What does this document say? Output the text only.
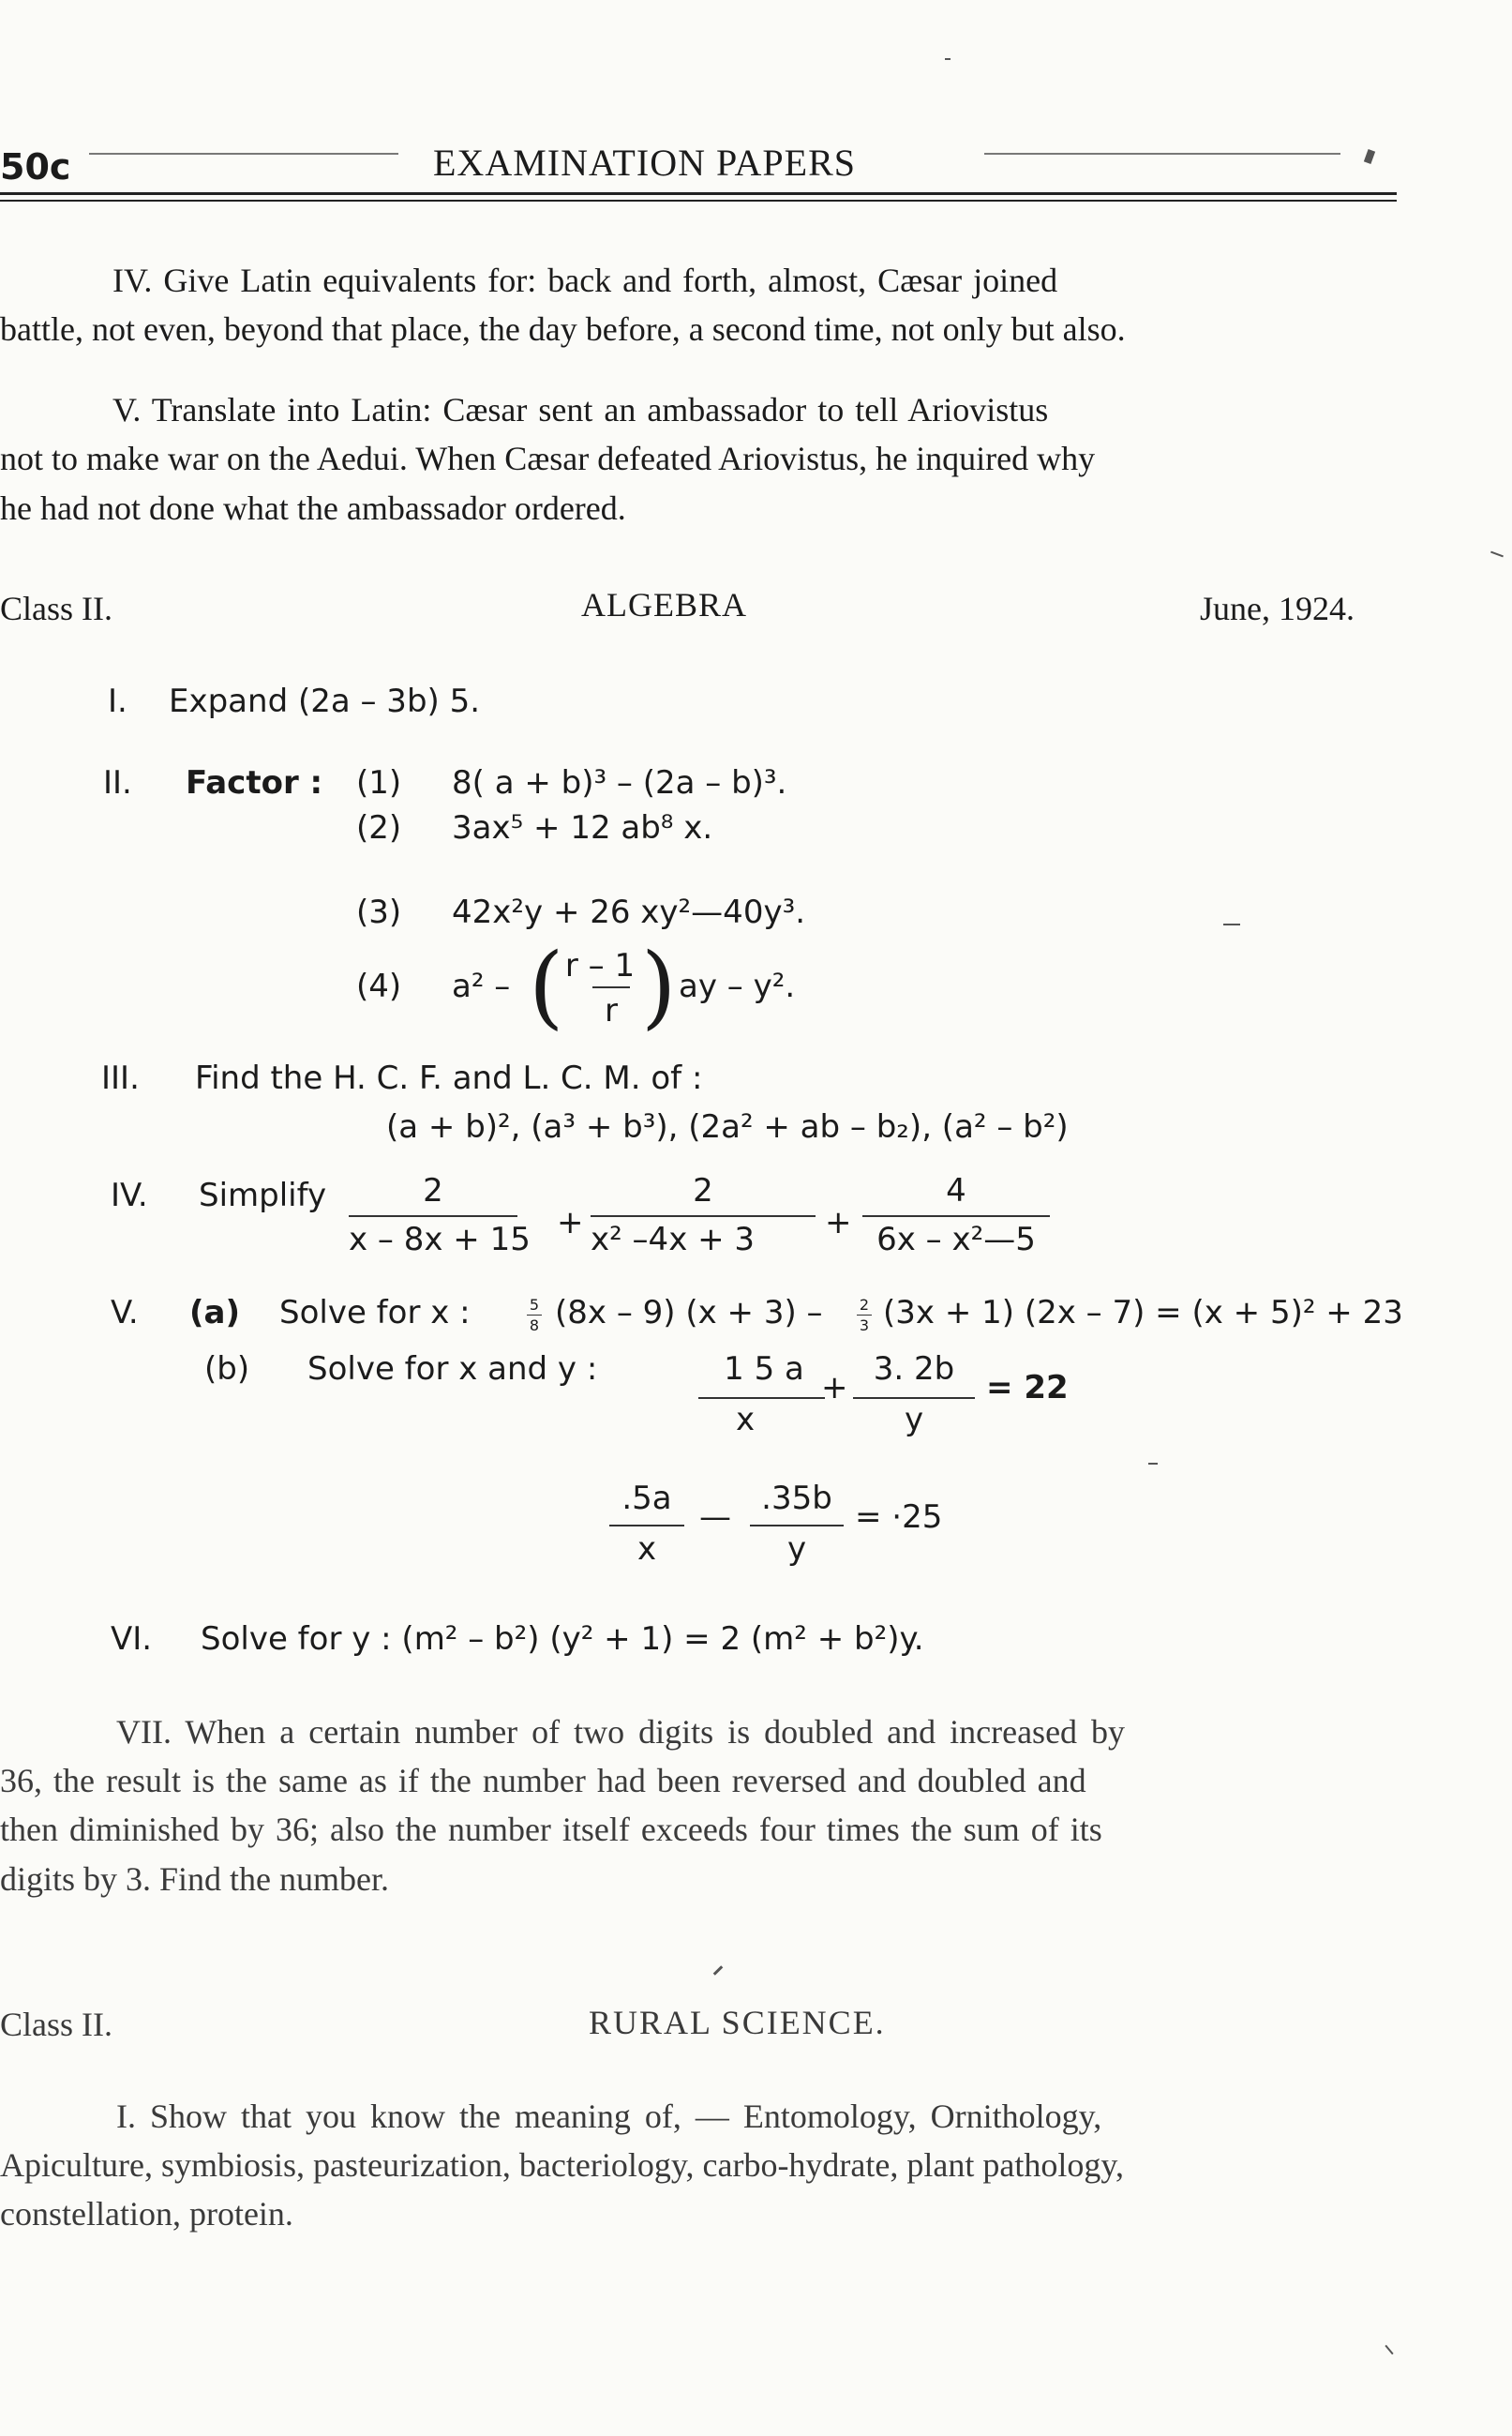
50c	EXAMINATION PAPERS
IV. Give Latin equivalents for: back and forth, almost, Cæsar joined
battle, not even, beyond that place, the day before, a second time, not only but also.
V. Translate into Latin: Cæsar sent an ambassador to tell Ariovistus
not to make war on the Aedui. When Cæsar defeated Ariovistus, he inquired why
he had not done what the ambassador ordered.
Class II.	ALGEBRA	June, 1924.
I. Expand (2a – 3b) 5.
II. Factor : (1) 8( a + b)³ – (2a – b)³.
(2) 3ax⁵ + 12 ab⁸ x.
(3) 42x²y + 26 xy²—40y³.
(4) a² – ( r – 1
r ) ay – y².
III. Find the H. C. F. and L. C. M. of :
(a + b)², (a³ + b³), (2a² + ab – b₂), (a² – b²)
IV. Simplify	2
x – 8x + 15 +
2
x² –4x + 3	+
4
6x – x²—5
V. (a) Solve for x :	5
8 (8x – 9) (x + 3) –	2
3 (3x + 1) (2x – 7) = (x + 5)² + 23
(b) Solve for x and y :	1 5 a
x
+ 3. 2b
y
= 22
.5a
x
— .35b
y
= ·25
VI. Solve for y : (m² – b²) (y² + 1) = 2 (m² + b²)y.
VII. When a certain number of two digits is doubled and increased by
36, the result is the same as if the number had been reversed and doubled and
then diminished by 36; also the number itself exceeds four times the sum of its
digits by 3. Find the number.
Class II.	RURAL SCIENCE.
I. Show that you know the meaning of, — Entomology, Ornithology,
Apiculture, symbiosis, pasteurization, bacteriology, carbo-hydrate, plant pathology,
constellation, protein.
